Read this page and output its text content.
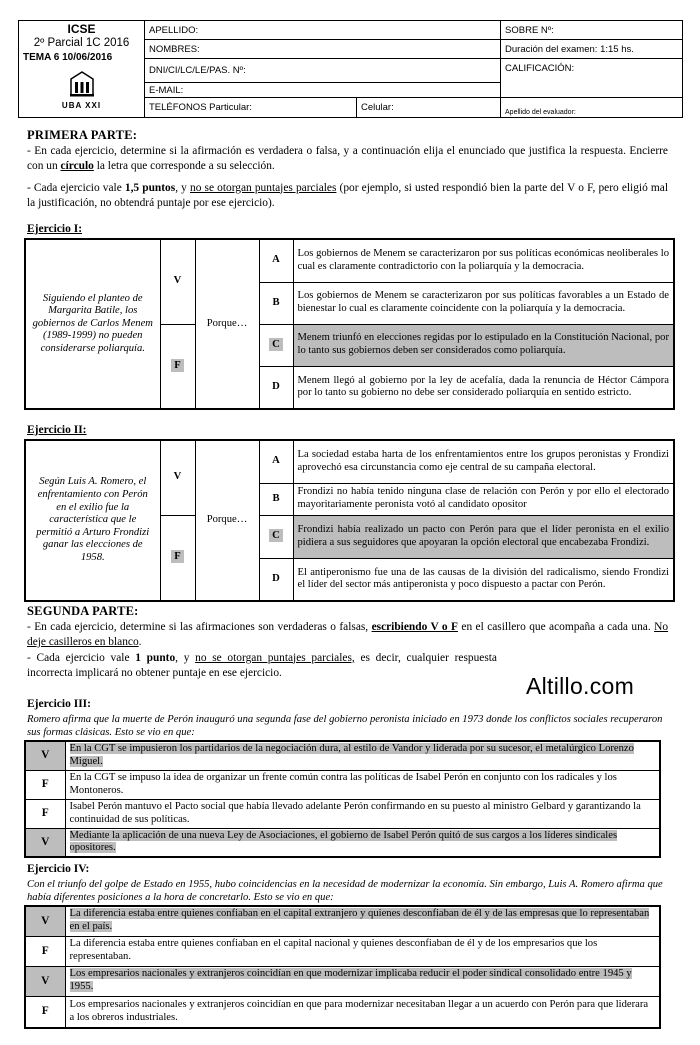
ICSE
2º Parcial 1C 2016
TEMA 6 10/06/2016
UBA XXI	APELLIDO:		SOBRE Nº:
	NOMBRES:		Duración del examen: 1:15 hs.
	DNI/CI/LC/LE/PAS. Nº:		CALIFICACIÓN:
	E-MAIL:		
	TELÉFONOS Particular:	Celular:	Apellido del evaluador:
PRIMERA PARTE:
- En cada ejercicio, determine si la afirmación es verdadera o falsa, y a continuación elija el enunciado que justifica la respuesta. Encierre con un círculo la letra que corresponde a su selección.
- Cada ejercicio vale 1,5 puntos, y no se otorgan puntajes parciales (por ejemplo, si usted respondió bien la parte del V o F, pero eligió mal la justificación, no obtendrá puntaje por ese ejercicio).
Ejercicio I:
Siguiendo el planteo de Margarita Batile, los gobiernos de Carlos Menem (1989-1999) no pueden considerarse poliarquía.	V	Porque…	A	Los gobiernos de Menem se caracterizaron por sus políticas económicas neoliberales lo cual es claramente contradictorio con la poliarquía y la democracia.
			B	Los gobiernos de Menem se caracterizaron por sus políticas favorables a un Estado de bienestar lo cual es claramente coincidente con la poliarquía y la democracia.
	F		C	Menem triunfó en elecciones regidas por lo estipulado en la Constitución Nacional, por lo tanto sus gobiernos deben ser considerados como poliarquía.
			D	Menem llegó al gobierno por la ley de acefalía, dada la renuncia de Héctor Cámpora por lo tanto su gobierno no debe ser considerado poliarquía en sentido estricto.
Ejercicio II:
Según Luis A. Romero, el enfrentamiento con Perón en el exilio fue la característica que le permitió a Arturo Frondizi ganar las elecciones de 1958.	V	Porque…	A	La sociedad estaba harta de los enfrentamientos entre los grupos peronistas y Frondizi aprovechó esa circunstancia como eje central de su campaña electoral.
			B	Frondizi no había tenido ninguna clase de relación con Perón y por ello el electorado mayoritariamente peronista votó al candidato opositor
	F		C	Frondizi había realizado un pacto con Perón para que el líder peronista en el exilio pidiera a sus seguidores que apoyaran la opción electoral que encabezaba Frondizi.
			D	El antiperonismo fue una de las causas de la división del radicalismo, siendo Frondizi el líder del sector más antiperonista y poco dispuesto a pactar con Perón.
SEGUNDA PARTE:
- En cada ejercicio, determine si las afirmaciones son verdaderas o falsas, escribiendo V o F en el casillero que acompaña a cada una. No deje casilleros en blanco.
- Cada ejercicio vale 1 punto, y no se otorgan puntajes parciales, es decir, cualquier respuesta incorrecta implicará no obtener puntaje en ese ejercicio.	Altillo.com
Ejercicio III:
Romero afirma que la muerte de Perón inauguró una segunda fase del gobierno peronista iniciado en 1973 donde los conflictos sociales recuperaron sus formas clásicas. Esto se vio en que:
V	En la CGT se impusieron los partidarios de la negociación dura, al estilo de Vandor y liderada por su sucesor, el metalúrgico Lorenzo Miguel.
F	En la CGT se impuso la idea de organizar un frente común contra las políticas de Isabel Perón en conjunto con los radicales y los Montoneros.
F	Isabel Perón mantuvo el Pacto social que había llevado adelante Perón confirmando en su puesto al ministro Gelbard y garantizando la continuidad de sus políticas.
V	Mediante la aplicación de una nueva Ley de Asociaciones, el gobierno de Isabel Perón quitó de sus cargos a los líderes sindicales opositores.
Ejercicio IV:
Con el triunfo del golpe de Estado en 1955, hubo coincidencias en la necesidad de modernizar la economía. Sin embargo, Luis A. Romero afirma que había diferentes posiciones a la hora de concretarlo. Esto se vio en que:
V	La diferencia estaba entre quienes confiaban en el capital extranjero y quienes desconfiaban de él y de las empresas que lo representaban en el país.
F	La diferencia estaba entre quienes confiaban en el capital nacional y quienes desconfiaban de él y de los empresarios que los representaban.
V	Los empresarios nacionales y extranjeros coincidían en que modernizar implicaba reducir el poder sindical consolidado entre 1945 y 1955.
F	Los empresarios nacionales y extranjeros coincidían en que para modernizar necesitaban llegar a un acuerdo con Perón para que liderara a los obreros industriales.
